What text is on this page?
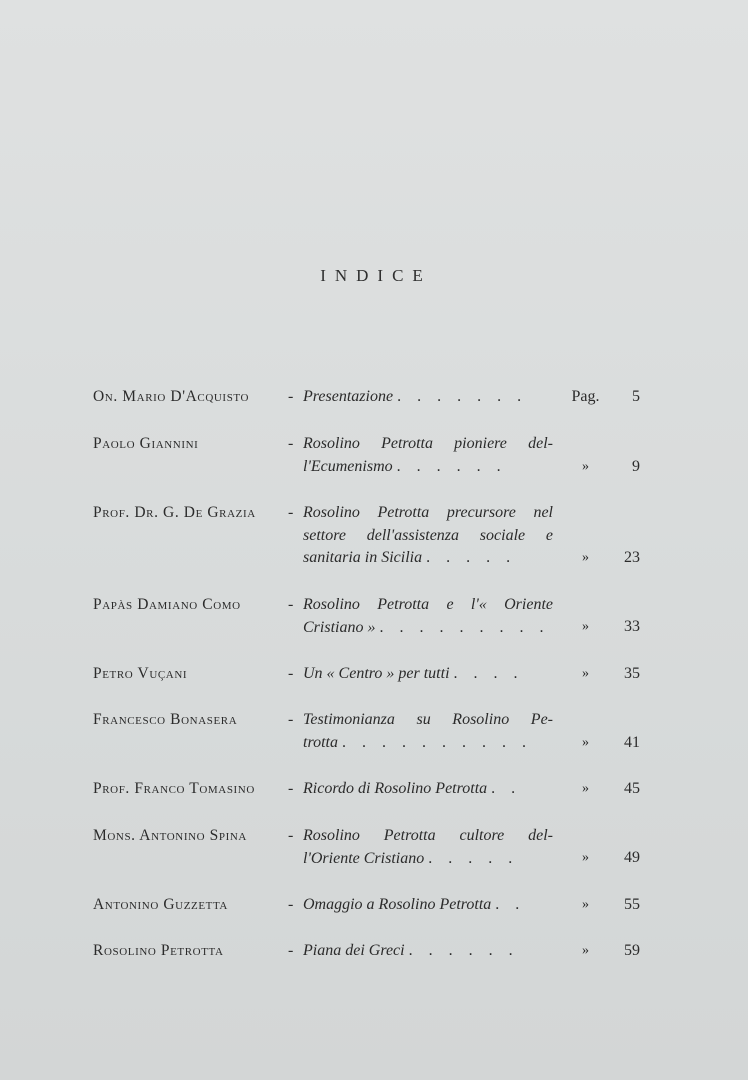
INDICE
On. Mario D'Acquisto	- Presentazione . . . . . . .	Pag.	5
Paolo Giannini	- Rosolino Petrotta pioniere del-
l'Ecumenismo . . . . . .	»	9
Prof. Dr. G. De Grazia	- Rosolino Petrotta precursore nel
settore dell'assistenza sociale e
sanitaria in Sicilia . . . . .	»	23
Papàs Damiano Como	- Rosolino Petrotta e l'« Oriente
Cristiano » . . . . . . . . .	»	33
Petro Vuçani	- Un « Centro » per tutti . . . .	»	35
Francesco Bonasera	- Testimonianza su Rosolino Pe-
trotta . . . . . . . . . .	»	41
Prof. Franco Tomasino	- Ricordo di Rosolino Petrotta . .	»	45
Mons. Antonino Spina	- Rosolino Petrotta cultore del-
l'Oriente Cristiano . . . . .	»	49
Antonino Guzzetta	- Omaggio a Rosolino Petrotta . .	»	55
Rosolino Petrotta	- Piana dei Greci . . . . . .	»	59
